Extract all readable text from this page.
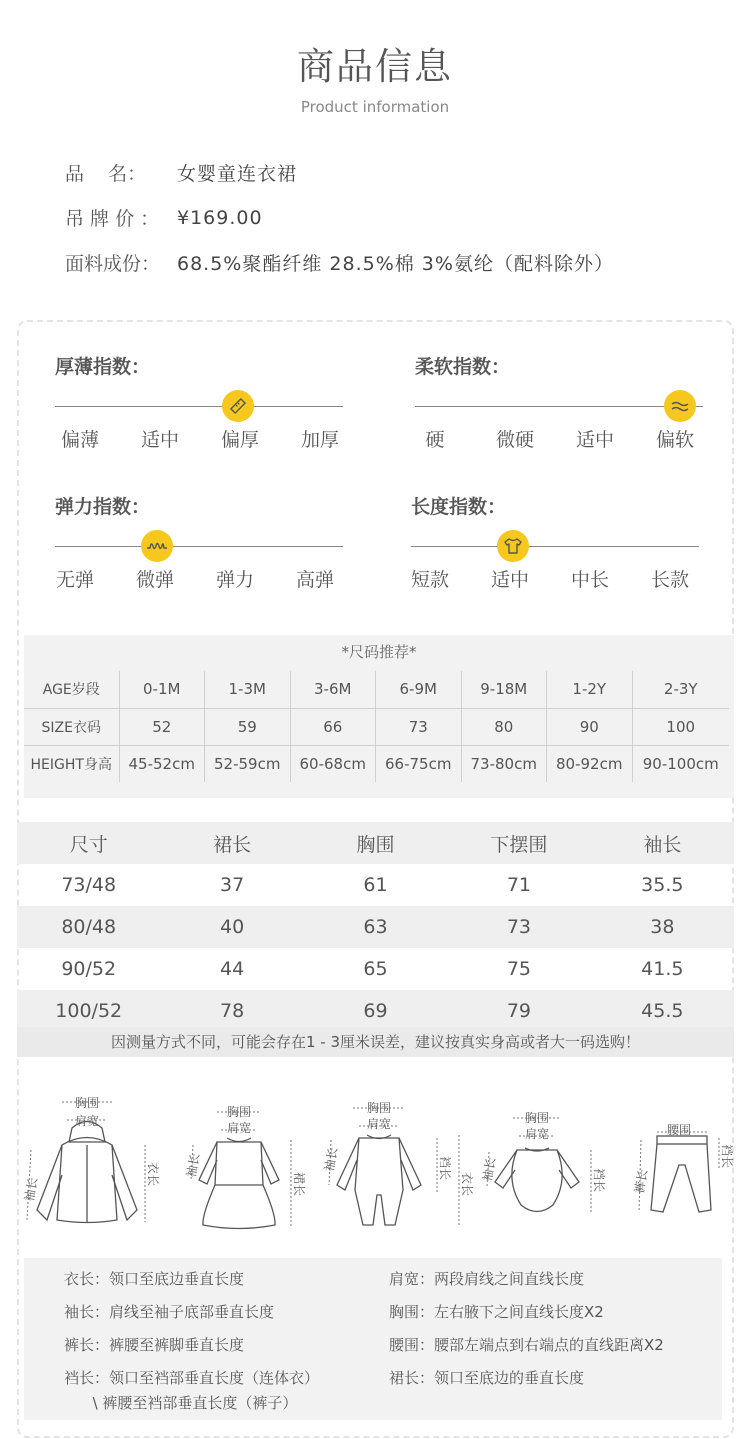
商品信息
Product information
品    名：	女婴童连衣裙
吊 牌 价 ： ¥169.00
面料成份： 68.5%聚酯纤维 28.5%棉 3%氨纶（配料除外）
厚薄指数：
偏薄	适中	偏厚	加厚
柔软指数：
硬	微硬	适中	偏软
弹力指数：
无弹	微弹	弹力	高弹
长度指数：
短款	适中	中长	长款
*尺码推荐*
AGE岁段	0-1M	1-3M	3-6M	6-9M	9-18M	1-2Y	2-3Y
SIZE衣码	52	59	66	73	80	90	100
HEIGHT身高	45-52cm	52-59cm	60-68cm	66-75cm	73-80cm	80-92cm	90-100cm
尺寸	裙长	胸围	下摆围	袖长
73/48	37	61	71	35.5
80/48	40	63	73	38
90/52	44	65	75	41.5
100/52	78	69	79	45.5
因测量方式不同，可能会存在1 - 3厘米误差，建议按真实身高或者大一码选购！
胸围
肩宽
袖长
衣长
胸围
肩宽
袖长
裙长
胸围
肩宽
袖长
衣长
裆长
胸围
肩宽
袖长	裆长
腰围
裤长
裆长
衣长：领口至底边垂直长度
袖长：肩线至袖子底部垂直长度
裤长：裤腰至裤脚垂直长度
裆长：领口至裆部垂直长度（连体衣）
\ 裤腰至裆部垂直长度（裤子）
肩宽：两段肩线之间直线长度
胸围：左右腋下之间直线长度X2
腰围：腰部左端点到右端点的直线距离X2
裙长：领口至底边的垂直长度
